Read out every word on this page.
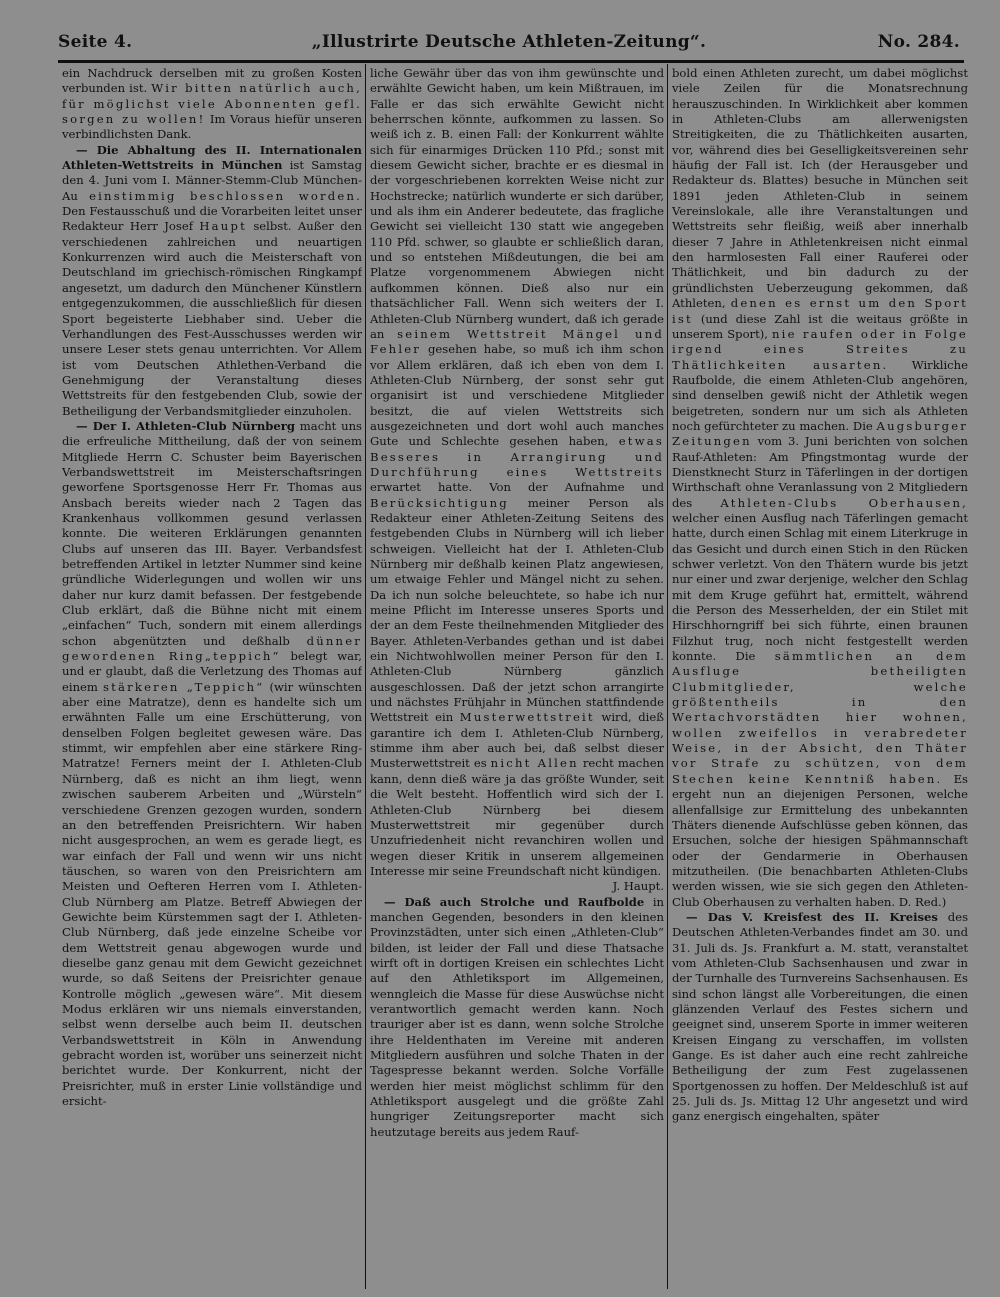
Seite 4.	„Illustrirte Deutsche Athleten-Zeitung“.	No. 284.

ein Nachdruck derselben mit zu großen Kosten verbunden ist. Wir bitten natürlich auch, für möglichst viele Abonnenten gefl. sorgen zu wollen! Im Voraus hiefür unseren verbindlichsten Dank.

— Die Abhaltung des II. Internationalen Athleten-Wettstreits in München ist Samstag den 4. Juni vom I. Männer-Stemm-Club München-Au einstimmig beschlossen worden. Den Festausschuß und die Vorarbeiten leitet unser Redakteur Herr Josef Haupt selbst. Außer den verschiedenen zahlreichen und neuartigen Konkurrenzen wird auch die Meisterschaft von Deutschland im griechisch-römischen Ringkampf angesetzt, um dadurch den Münchener Künstlern entgegenzukommen, die ausschließlich für diesen Sport begeisterte Liebhaber sind. Ueber die Verhandlungen des Fest-Ausschusses werden wir unsere Leser stets genau unterrichten. Vor Allem ist vom Deutschen Athlethen-Verband die Genehmigung der Veranstaltung dieses Wettstreits für den festgebenden Club, sowie der Betheiligung der Verbandsmitglieder einzuholen.

— Der I. Athleten-Club Nürnberg macht uns die erfreuliche Mittheilung, daß der von seinem Mitgliede Herrn C. Schuster beim Bayerischen Verbandswettstreit im Meisterschaftsringen geworfene Sportsgenosse Herr Fr. Thomas aus Ansbach bereits wieder nach 2 Tagen das Krankenhaus vollkommen gesund verlassen konnte. Die weiteren Erklärungen genannten Clubs auf unseren das III. Bayer. Verbandsfest betreffenden Artikel in letzter Nummer sind keine gründliche Widerlegungen und wollen wir uns daher nur kurz damit befassen. Der festgebende Club erklärt, daß die Bühne nicht mit einem „einfachen“ Tuch, sondern mit einem allerdings schon abgenützten und deßhalb dünner gewordenen Ring„teppich“ belegt war, und er glaubt, daß die Verletzung des Thomas auf einem stärkeren „Teppich“ (wir wünschten aber eine Matratze), denn es handelte sich um erwähnten Falle um eine Erschütterung, von denselben Folgen begleitet gewesen wäre. Das stimmt, wir empfehlen aber eine stärkere Ring-Matratze! Ferners meint der I. Athleten-Club Nürnberg, daß es nicht an ihm liegt, wenn zwischen sauberem Arbeiten und „Würsteln“ verschiedene Grenzen gezogen wurden, sondern an den betreffenden Preisrichtern. Wir haben nicht ausgesprochen, an wem es gerade liegt, es war einfach der Fall und wenn wir uns nicht täuschen, so waren von den Preisrichtern am Meisten und Oefteren Herren vom I. Athleten-Club Nürnberg am Platze. Betreff Abwiegen der Gewichte beim Kürstemmen sagt der I. Athleten-Club Nürnberg, daß jede einzelne Scheibe vor dem Wettstreit genau abgewogen wurde und dieselbe ganz genau mit dem Gewicht gezeichnet wurde, so daß Seitens der Preisrichter genaue Kontrolle möglich „gewesen wäre“. Mit diesem Modus erklären wir uns niemals einverstanden, selbst wenn derselbe auch beim II. deutschen Verbandswettstreit in Köln in Anwendung gebracht worden ist, worüber uns seinerzeit nicht berichtet wurde. Der Konkurrent, nicht der Preisrichter, muß in erster Linie vollständige und ersicht-

liche Gewähr über das von ihm gewünschte und erwählte Gewicht haben, um kein Mißtrauen, im Falle er das sich erwählte Gewicht nicht beherrschen könnte, aufkommen zu lassen. So weiß ich z. B. einen Fall: der Konkurrent wählte sich für einarmiges Drücken 110 Pfd.; sonst mit diesem Gewicht sicher, brachte er es diesmal in der vorgeschriebenen korrekten Weise nicht zur Hochstrecke; natürlich wunderte er sich darüber, und als ihm ein Anderer bedeutete, das fragliche Gewicht sei vielleicht 130 statt wie angegeben 110 Pfd. schwer, so glaubte er schließlich daran, und so entstehen Mißdeutungen, die bei am Platze vorgenommenem Abwiegen nicht aufkommen können. Dieß also nur ein thatsächlicher Fall. Wenn sich weiters der I. Athleten-Club Nürnberg wundert, daß ich gerade an seinem Wettstreit Mängel und Fehler gesehen habe, so muß ich ihm schon vor Allem erklären, daß ich eben von dem I. Athleten-Club Nürnberg, der sonst sehr gut organisirt ist und verschiedene Mitglieder besitzt, die auf vielen Wettstreits sich ausgezeichneten und dort wohl auch manches Gute und Schlechte gesehen haben, etwas Besseres in Arrangirung und Durchführung eines Wettstreits erwartet hatte. Von der Aufnahme und Berücksichtigung meiner Person als Redakteur einer Athleten-Zeitung Seitens des festgebenden Clubs in Nürnberg will ich lieber schweigen. Vielleicht hat der I. Athleten-Club Nürnberg mir deßhalb keinen Platz angewiesen, um etwaige Fehler und Mängel nicht zu sehen. Da ich nun solche beleuchtete, so habe ich nur meine Pflicht im Interesse unseres Sports und der an dem Feste theilnehmenden Mitglieder des Bayer. Athleten-Verbandes gethan und ist dabei ein Nichtwohlwollen meiner Person für den I. Athleten-Club Nürnberg gänzlich ausgeschlossen. Daß der jetzt schon arrangirte und nächstes Frühjahr in München stattfindende Wettstreit ein Musterwettstreit wird, dieß garantire ich dem I. Athleten-Club Nürnberg, stimme ihm aber auch bei, daß selbst dieser Musterwettstreit es nicht Allen recht machen kann, denn dieß wäre ja das größte Wunder, seit die Welt besteht. Hoffentlich wird sich der I. Athleten-Club Nürnberg bei diesem Musterwettstreit mir gegenüber durch Unzufriedenheit nicht revanchiren wollen und wegen dieser Kritik in unserem allgemeinen Interesse mir seine Freundschaft nicht kündigen.

J. Haupt.

— Daß auch Strolche und Raufbolde in manchen Gegenden, besonders in den kleinen Provinzstädten, unter sich einen „Athleten-Club“ bilden, ist leider der Fall und diese Thatsache wirft oft in dortigen Kreisen ein schlechtes Licht auf den Athletiksport im Allgemeinen, wenngleich die Masse für diese Auswüchse nicht verantwortlich gemacht werden kann. Noch trauriger aber ist es dann, wenn solche Strolche ihre Heldenthaten im Vereine mit anderen Mitgliedern ausführen und solche Thaten in der Tagespresse bekannt werden. Solche Vorfälle werden hier meist möglichst schlimm für den Athletiksport ausgelegt und die größte Zahl hungriger Zeitungsreporter macht sich heutzutage bereits aus jedem Rauf-

bold einen Athleten zurecht, um dabei möglichst viele Zeilen für die Monatsrechnung herauszuschinden. In Wirklichkeit aber kommen in Athleten-Clubs am allerwenigsten Streitigkeiten, die zu Thätlichkeiten ausarten, vor, während dies bei Geselligkeitsvereinen sehr häufig der Fall ist. Ich (der Herausgeber und Redakteur ds. Blattes) besuche in München seit 1891 jeden Athleten-Club in seinem Vereinslokale, alle ihre Veranstaltungen und Wettstreits sehr fleißig, weiß aber innerhalb dieser 7 Jahre in Athletenkreisen nicht einmal den harmlosesten Fall einer Rauferei oder Thätlichkeit, und bin dadurch zu der gründlichsten Ueberzeugung gekommen, daß Athleten, denen es ernst um den Sport ist (und diese Zahl ist die weitaus größte in unserem Sport), nie raufen oder in Folge irgend eines Streites zu Thätlichkeiten ausarten. Wirkliche Raufbolde, die einem Athleten-Club angehören, sind denselben gewiß nicht der Athletik wegen beigetreten, sondern nur um sich als Athleten noch gefürchteter zu machen. Die Augsburger Zeitungen vom 3. Juni berichten von solchen Rauf-Athleten: Am Pfingstmontag wurde der Dienstknecht Sturz in Täferlingen in der dortigen Wirthschaft ohne Veranlassung von 2 Mitgliedern des Athleten-Clubs Oberhausen, welcher einen Ausflug nach Täferlingen gemacht hatte, durch einen Schlag mit einem Literkruge in das Gesicht und durch einen Stich in den Rücken schwer verletzt. Von den Thätern wurde bis jetzt nur einer und zwar derjenige, welcher den Schlag mit dem Kruge geführt hat, ermittelt, während die Person des Messerhelden, der ein Stilet mit Hirschhorngriff bei sich führte, einen braunen Filzhut trug, noch nicht festgestellt werden konnte. Die sämmtlichen an dem Ausfluge betheiligten Clubmitglieder, welche größtentheils in den Wertachvorstädten hier wohnen, wollen zweifellos in verabredeter Weise, in der Absicht, den Thäter vor Strafe zu schützen, von dem Stechen keine Kenntniß haben. Es ergeht nun an diejenigen Personen, welche allenfallsige zur Ermittelung des unbekannten Thäters dienende Aufschlüsse geben können, das Ersuchen, solche der hiesigen Spähmannschaft oder der Gendarmerie in Oberhausen mitzutheilen. (Die benachbarten Athleten-Clubs werden wissen, wie sie sich gegen den Athleten-Club Oberhausen zu verhalten haben. D. Red.)

— Das V. Kreisfest des II. Kreises des Deutschen Athleten-Verbandes findet am 30. und 31. Juli ds. Js. Frankfurt a. M. statt, veranstaltet vom Athleten-Club Sachsenhausen und zwar in der Turnhalle des Turnvereins Sachsenhausen. Es sind schon längst alle Vorbereitungen, die einen glänzenden Verlauf des Festes sichern und geeignet sind, unserem Sporte in immer weiteren Kreisen Eingang zu verschaffen, im vollsten Gange. Es ist daher auch eine recht zahlreiche Betheiligung der zum Fest zugelassenen Sportgenossen zu hoffen. Der Meldeschluß ist auf 25. Juli ds. Js. Mittag 12 Uhr angesetzt und wird ganz energisch eingehalten, später
